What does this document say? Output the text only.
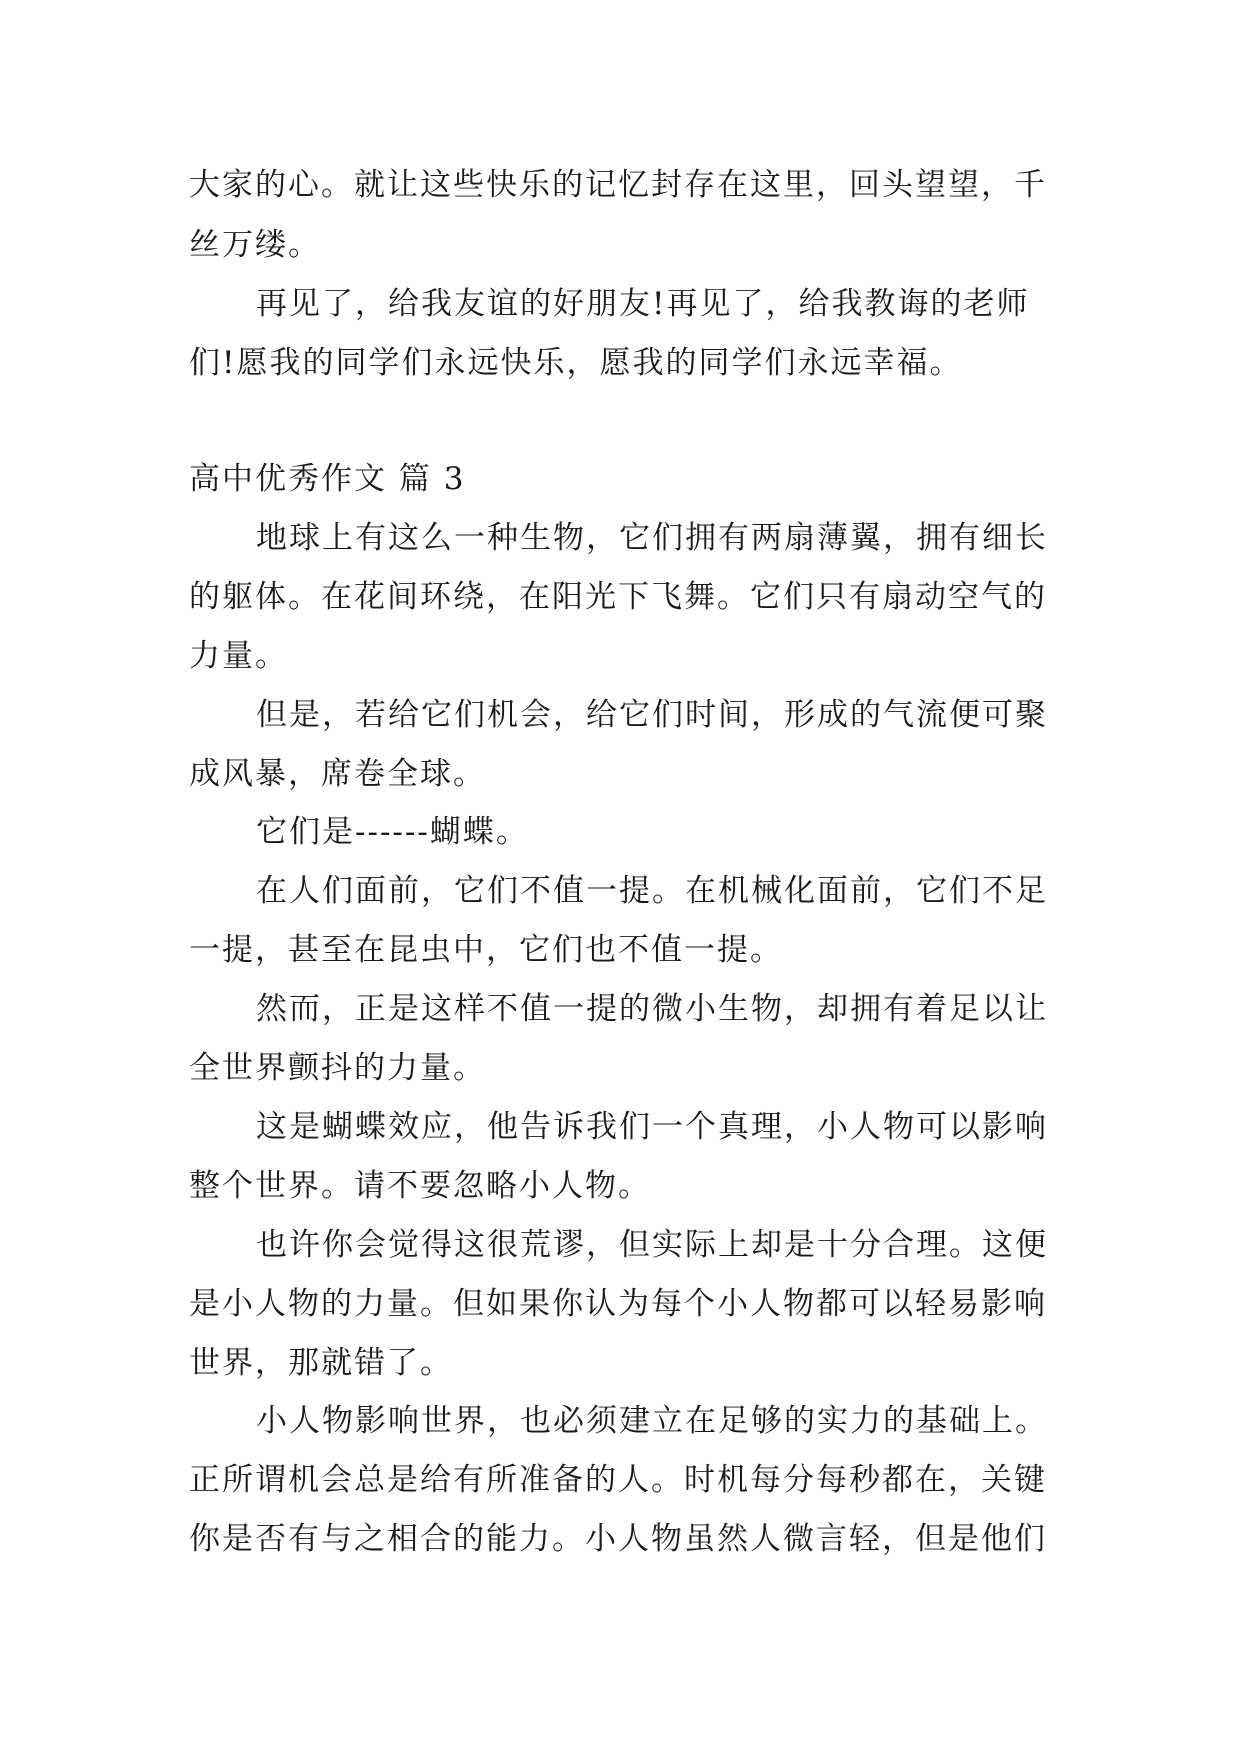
大家的心。就让这些快乐的记忆封存在这里，回头望望，千
丝万缕。
再见了，给我友谊的好朋友!再见了，给我教诲的老师
们!愿我的同学们永远快乐，愿我的同学们永远幸福。
高中优秀作文 篇 3
地球上有这么一种生物，它们拥有两扇薄翼，拥有细长
的躯体。在花间环绕，在阳光下飞舞。它们只有扇动空气的
力量。
但是，若给它们机会，给它们时间，形成的气流便可聚
成风暴，席卷全球。
它们是------蝴蝶。
在人们面前，它们不值一提。在机械化面前，它们不足
一提，甚至在昆虫中，它们也不值一提。
然而，正是这样不值一提的微小生物，却拥有着足以让
全世界颤抖的力量。
这是蝴蝶效应，他告诉我们一个真理，小人物可以影响
整个世界。请不要忽略小人物。
也许你会觉得这很荒谬，但实际上却是十分合理。这便
是小人物的力量。但如果你认为每个小人物都可以轻易影响
世界，那就错了。
小人物影响世界，也必须建立在足够的实力的基础上。
正所谓机会总是给有所准备的人。时机每分每秒都在，关键
你是否有与之相合的能力。小人物虽然人微言轻，但是他们
